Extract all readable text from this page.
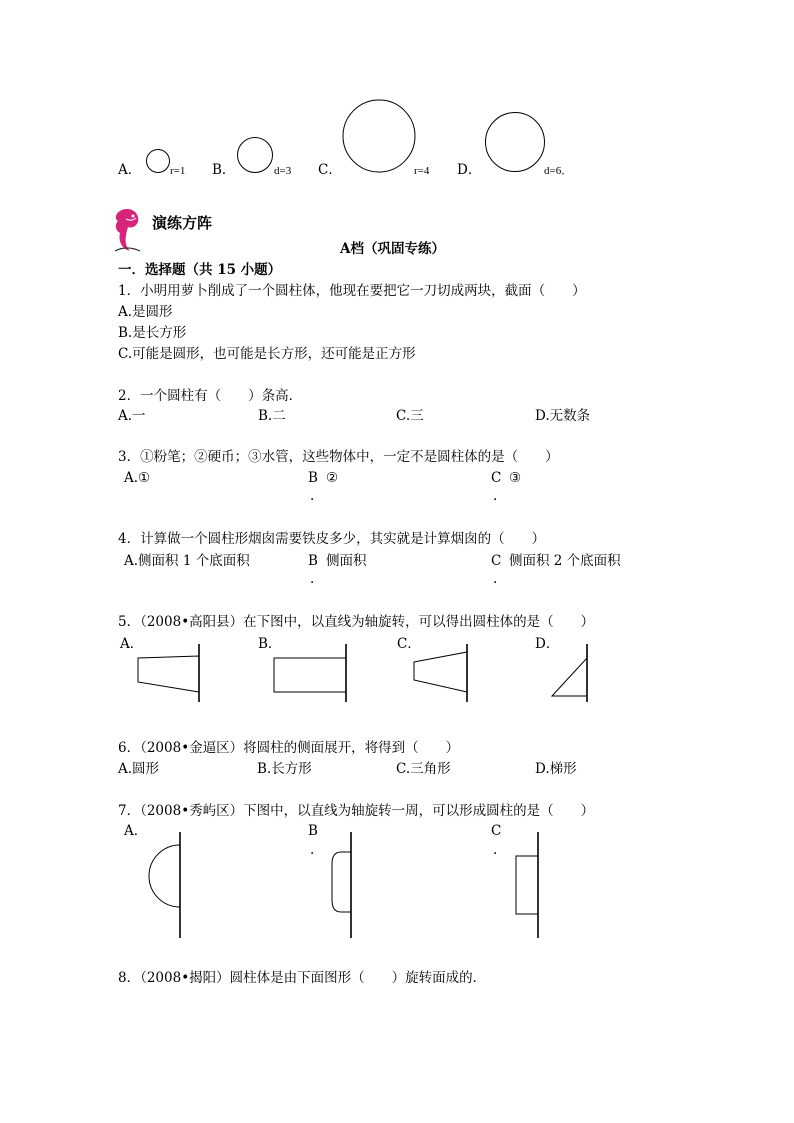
A．	r=1 B．	d=3 C．	r=4 D．	d=6．
演练方阵
A档（巩固专练）
一．选择题（共 15 小题）
1．小明用萝卜削成了一个圆柱体，他现在要把它一刀切成两块，截面（　　）
A.是圆形
B.是长方形
C.可能是圆形，也可能是长方形，还可能是正方形
2．一个圆柱有（　　）条高．
A.一	B.二	C.三	D.无数条
3．①粉笔；②硬币；③水管，这些物体中，一定不是圆柱体的是（　　）
A.①	B ②
.
C ③
.
4．计算做一个圆柱形烟囱需要铁皮多少，其实就是计算烟囱的（　　）
A.侧面积 1 个底面积	B 侧面积
.
C 侧面积 2 个底面积
.
5．（2008•高阳县）在下图中，以直线为轴旋转，可以得出圆柱体的是（　　）
A．	B．	C．	D．
6．（2008•金逼区）将圆柱的侧面展开，将得到（　　）
A.圆形	B.长方形	C.三角形	D.梯形
7．（2008•秀屿区）下图中，以直线为轴旋转一周，可以形成圆柱的是（　　）
A．	B
.
C
.
8．（2008•揭阳）圆柱体是由下面图形（　　）旋转面成的．
